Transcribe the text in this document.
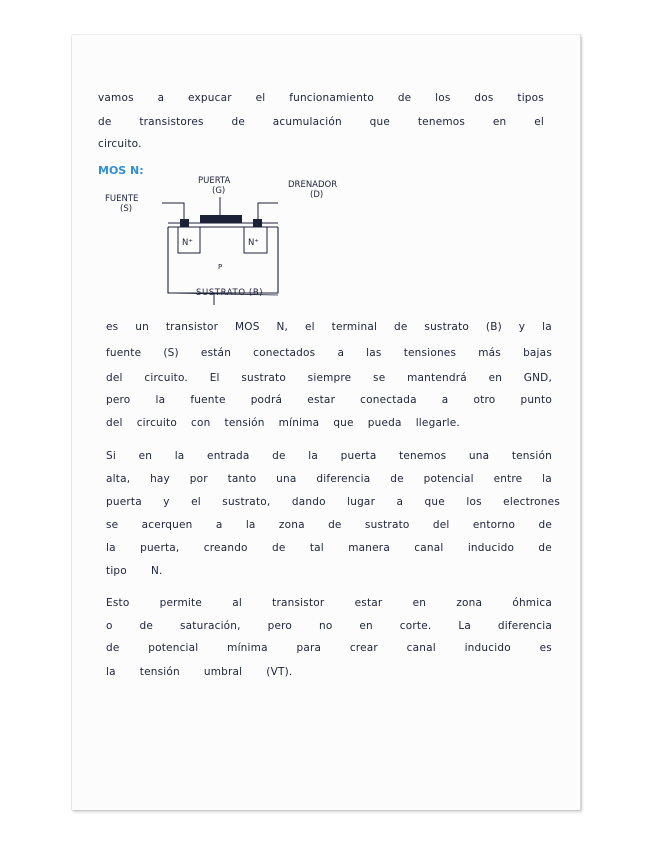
vamos a expucar el funcionamiento de los dos tipos
de	transistores	de	acumulación	que	tenemos	en	el
circuito.
MOS N:
PUERTA
(G)
DRENADOR
(D)
FUENTE
(S)
N⁺	N⁺
P
SUSTRATO (B)
es un transistor MOS N, el terminal de sustrato (B) y la
fuente (S) están conectados a las tensiones más bajas
del circuito. El sustrato siempre se mantendrá en GND,
pero la fuente podrá estar conectada a otro punto
del circuito con tensión mínima que pueda llegarle.
Si en la entrada de la puerta tenemos una tensión
alta, hay por tanto una diferencia de potencial entre la
puerta y el sustrato, dando lugar a que los electrones
se acerquen a la zona de sustrato del entorno de
la puerta, creando de tal manera canal inducido de
tipo N.
Esto	permite	al	transistor	estar	en	zona	óhmica
o	de	saturación,	pero	no	en	corte.	La	diferencia
de	potencial	mínima	para	crear	canal	inducido	es
la tensión umbral (VT).
